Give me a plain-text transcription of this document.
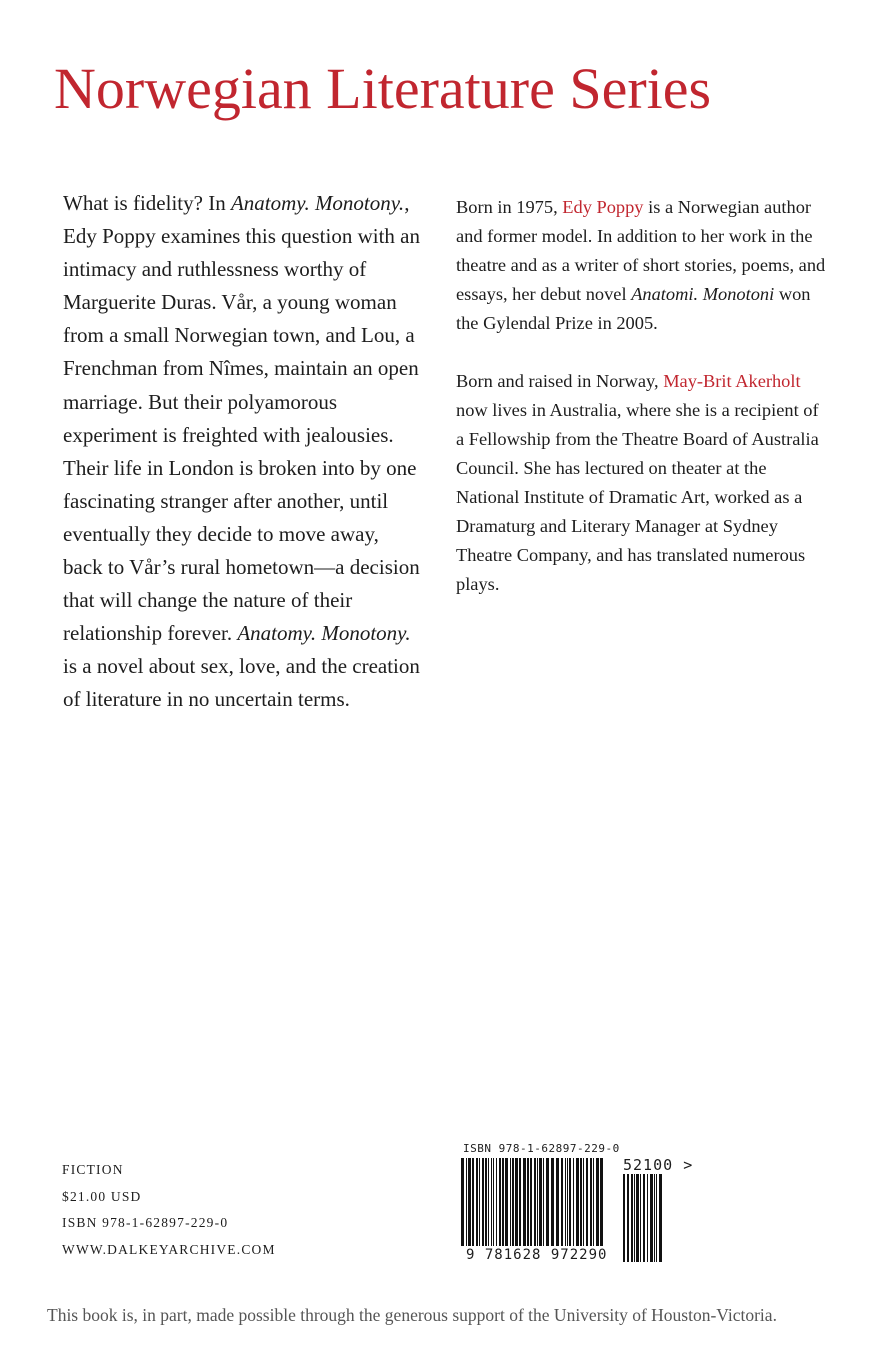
Norwegian Literature Series

What is fidelity? In Anatomy. Monotony., Edy Poppy examines this question with an intimacy and ruthlessness worthy of Marguerite Duras. Vår, a young woman from a small Norwegian town, and Lou, a Frenchman from Nîmes, maintain an open marriage. But their polyamorous experiment is freighted with jealousies. Their life in London is broken into by one fascinating stranger after another, until eventually they decide to move away, back to Vår’s rural hometown—a decision that will change the nature of their relationship forever. Anatomy. Monotony. is a novel about sex, love, and the creation of literature in no uncertain terms.

Born in 1975, Edy Poppy is a Norwegian author and former model. In addition to her work in the theatre and as a writer of short stories, poems, and essays, her debut novel Anatomi. Monotoni won the Gylendal Prize in 2005.

Born and raised in Norway, May-Brit Akerholt now lives in Australia, where she is a recipient of a Fellowship from the Theatre Board of Australia Council. She has lectured on theater at the National Institute of Dramatic Art, worked as a Dramaturg and Literary Manager at Sydney Theatre Company, and has translated numerous plays.

FICTION
$21.00 USD
ISBN 978-1-62897-229-0
WWW.DALKEYARCHIVE.COM
ISBN 978-1-62897-229-0
52100 >
9 781628 972290
This book is, in part, made possible through the generous support of the University of Houston-Victoria.
